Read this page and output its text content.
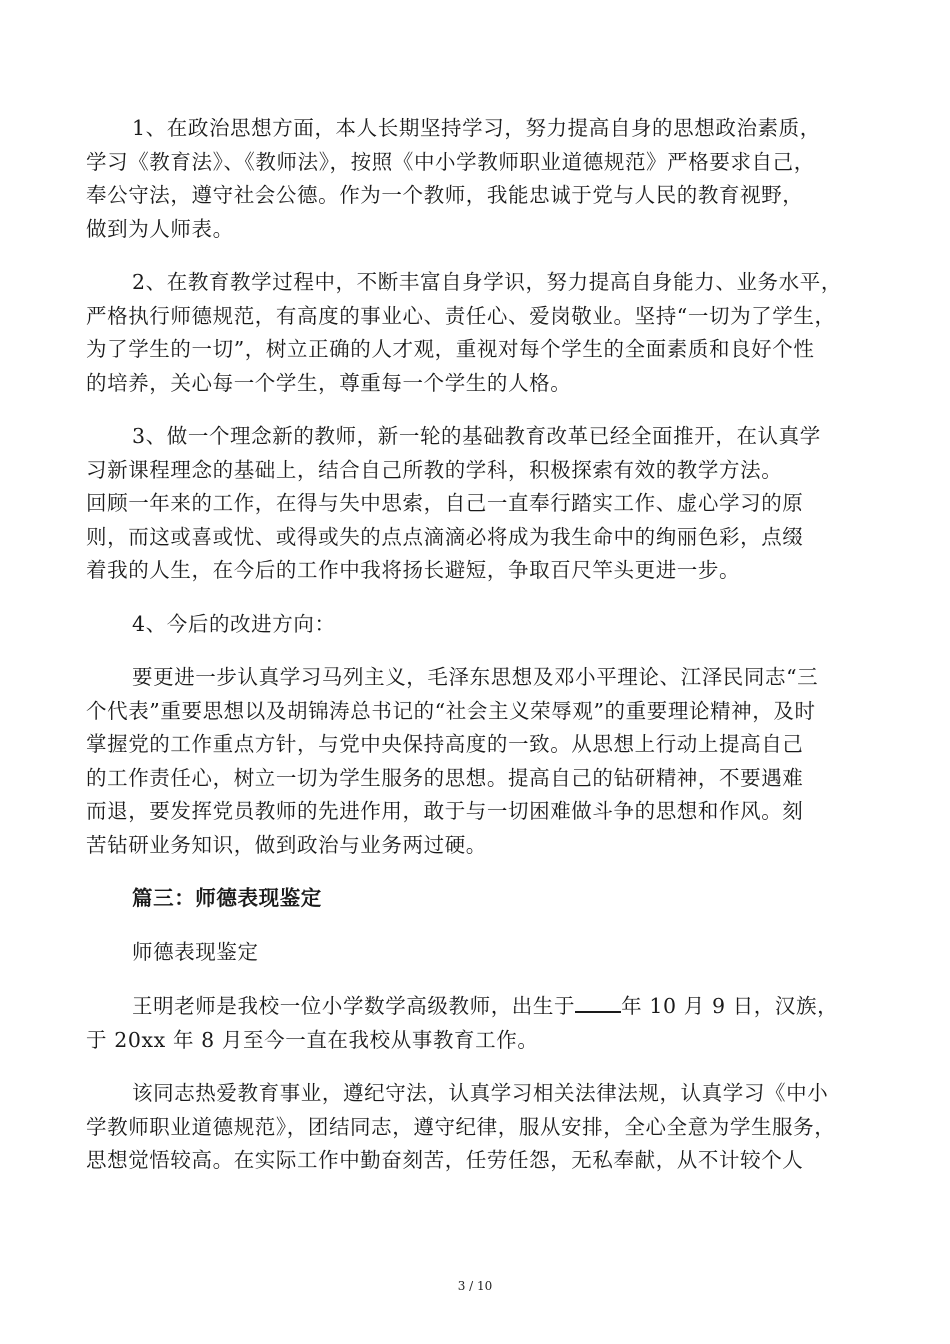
1、在政治思想方面，本人长期坚持学习，努力提高自身的思想政治素质，
学习《教育法》、《教师法》，按照《中小学教师职业道德规范》严格要求自己，
奉公守法，遵守社会公德。作为一个教师，我能忠诚于党与人民的教育视野，
做到为人师表。

2、在教育教学过程中，不断丰富自身学识，努力提高自身能力、业务水平，
严格执行师德规范，有高度的事业心、责任心、爱岗敬业。坚持“一切为了学生，
为了学生的一切”，树立正确的人才观，重视对每个学生的全面素质和良好个性
的培养，关心每一个学生，尊重每一个学生的人格。

3、做一个理念新的教师，新一轮的基础教育改革已经全面推开，在认真学
习新课程理念的基础上，结合自己所教的学科，积极探索有效的教学方法。
回顾一年来的工作，在得与失中思索，自己一直奉行踏实工作、虚心学习的原
则，而这或喜或忧、或得或失的点点滴滴必将成为我生命中的绚丽色彩，点缀
着我的人生，在今后的工作中我将扬长避短，争取百尺竿头更进一步。

4、今后的改进方向：

要更进一步认真学习马列主义，毛泽东思想及邓小平理论、江泽民同志“三
个代表”重要思想以及胡锦涛总书记的“社会主义荣辱观”的重要理论精神，及时
掌握党的工作重点方针，与党中央保持高度的一致。从思想上行动上提高自己
的工作责任心，树立一切为学生服务的思想。提高自己的钻研精神，不要遇难
而退，要发挥党员教师的先进作用，敢于与一切困难做斗争的思想和作风。刻
苦钻研业务知识，做到政治与业务两过硬。

篇三：师德表现鉴定

师德表现鉴定

王明老师是我校一位小学数学高级教师，出生于 年 10 月 9 日，汉族，
于 20xx 年 8 月至今一直在我校从事教育工作。

该同志热爱教育事业，遵纪守法，认真学习相关法律法规，认真学习《中小
学教师职业道德规范》，团结同志，遵守纪律，服从安排，全心全意为学生服务，
思想觉悟较高。在实际工作中勤奋刻苦，任劳任怨，无私奉献，从不计较个人

3 / 10
